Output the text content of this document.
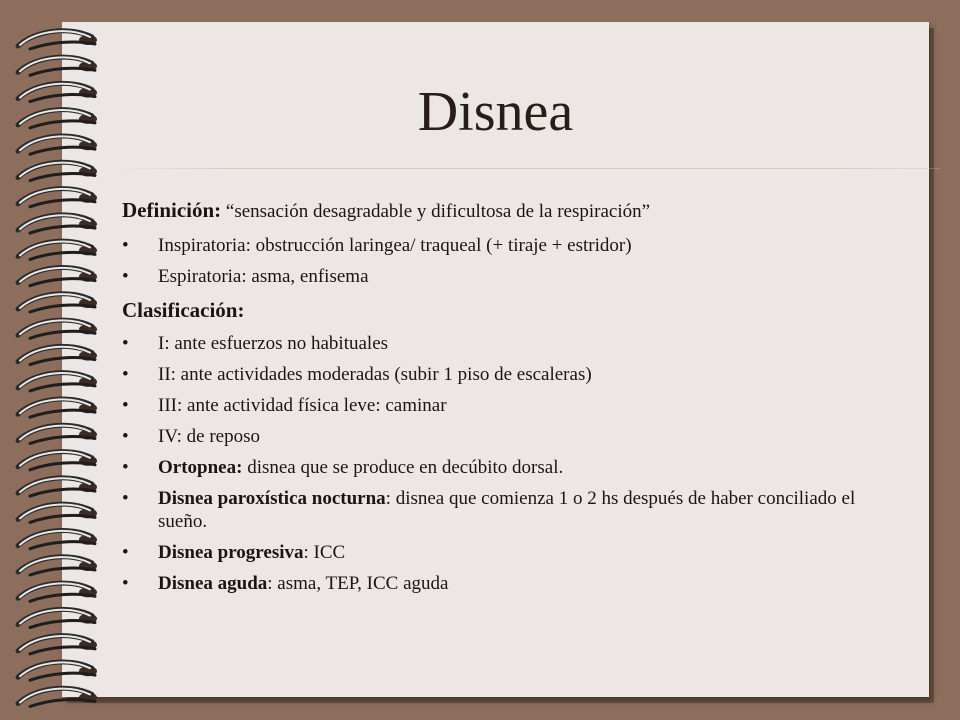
Disnea
Definición: “sensación desagradable y dificultosa de la respiración”
• Inspiratoria: obstrucción laringea/ traqueal (+ tiraje + estridor)
• Espiratoria: asma, enfisema
Clasificación:
• I: ante esfuerzos no habituales
• II: ante actividades moderadas (subir 1 piso de escaleras)
• III: ante actividad física leve: caminar
• IV: de reposo
• Ortopnea: disnea que se produce en decúbito dorsal.
• Disnea paroxística nocturna: disnea que comienza 1 o 2 hs después de haber conciliado el sueño.
• Disnea progresiva: ICC
• Disnea aguda: asma, TEP, ICC aguda
